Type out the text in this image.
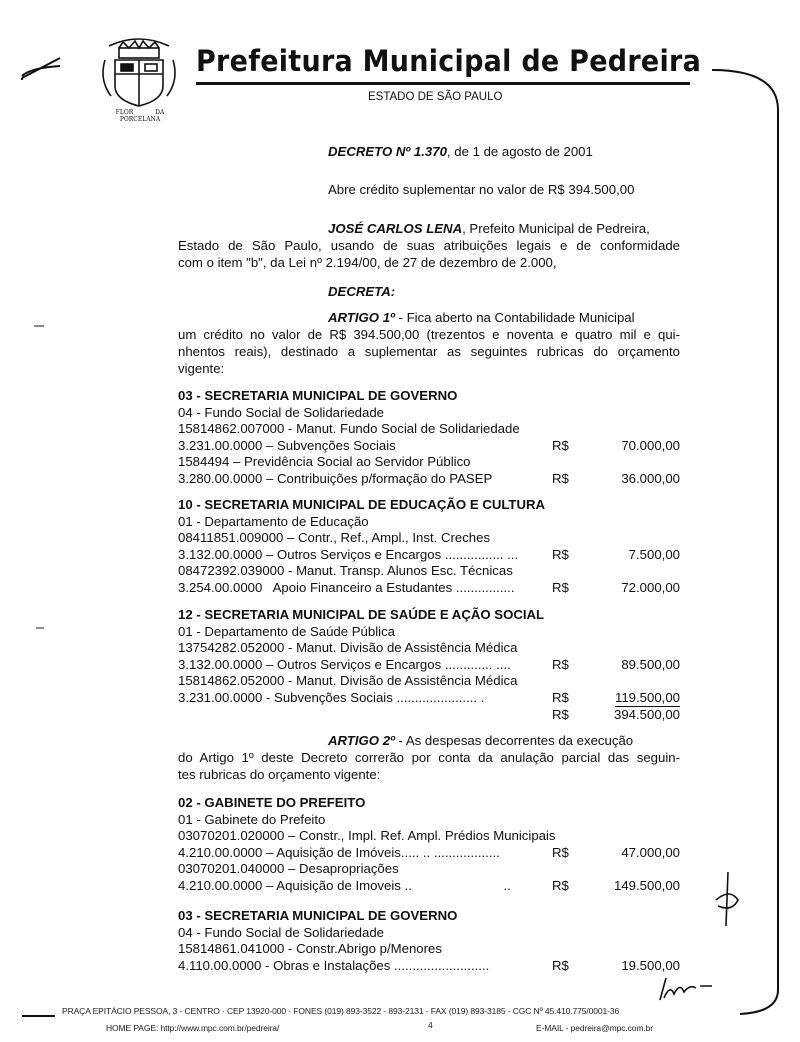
FLOR DA PORCELANA
Prefeitura Municipal de Pedreira
ESTADO DE SÃO PAULO
DECRETO Nº 1.370, de 1 de agosto de 2001
Abre crédito suplementar no valor de R$ 394.500,00
JOSÉ CARLOS LENA, Prefeito Municipal de Pedreira,
Estado de São Paulo, usando de suas atribuições legais e de conformidade
com o item "b", da Lei nº 2.194/00, de 27 de dezembro de 2.000,
DECRETA:
ARTIGO 1º - Fica aberto na Contabilidade Municipal
um crédito no valor de R$ 394.500,00 (trezentos e noventa e quatro mil e qui-
nhentos reais), destinado a suplementar as seguintes rubricas do orçamento
vigente:
03 - SECRETARIA MUNICIPAL DE GOVERNO
04 - Fundo Social de Solidariedade
15814862.007000 - Manut. Fundo Social de Solidariedade
3.231.00.0000 – Subvenções Sociais	R$	70.000,00
1584494 – Previdência Social ao Servidor Público
3.280.00.0000 – Contribuições p/formação do PASEP	R$	36.000,00
10 - SECRETARIA MUNICIPAL DE EDUCAÇÃO E CULTURA
01 - Departamento de Educação
08411851.009000 – Contr., Ref., Ampl., Inst. Creches
3.132.00.0000 – Outros Serviços e Encargos ................ ...	R$	7.500,00
08472392.039000 - Manut. Transp. Alunos Esc. Técnicas
3.254.00.0000   Apoio Financeiro a Estudantes ................	R$	72.000,00
12 - SECRETARIA MUNICIPAL DE SAÚDE E AÇÃO SOCIAL
01 - Departamento de Saúde Pública
13754282.052000 - Manut. Divisão de Assistência Médica
3.132.00.0000 – Outros Serviços e Encargos ............. ....	R$	89.500,00
15814862.052000 - Manut. Divisão de Assistência Médica
3.231.00.0000 - Subvenções Sociais ...................... .	R$	119.500,00
R$	394.500,00
ARTIGO 2º - As despesas decorrentes da execução
do Artigo 1º deste Decreto correrão por conta da anulação parcial das seguin-
tes rubricas do orçamento vigente:
02 - GABINETE DO PREFEITO
01 - Gabinete do Prefeito
03070201.020000 – Constr., Impl. Ref. Ampl. Prédios Municipais
4.210.00.0000 – Aquisição de Imóveis..... .. ..................	R$	47.000,00
03070201.040000 – Desapropriações
4.210.00.0000 – Aquisição de Imoveis ..                         ..	R$	149.500,00
03 - SECRETARIA MUNICIPAL DE GOVERNO
04 - Fundo Social de Solidariedade
15814861.041000 - Constr.Abrigo p/Menores
4.110.00.0000 - Obras e Instalações ..........................	R$	19.500,00
PRAÇA EPITÁCIO PESSOA, 3 - CENTRO · CEP 13920-000 · FONES (019) 893-3522 - 893-2131 - FAX (019) 893-3185 - CGC Nº 45.410.775/0001-36
HOME PAGE: http://www.mpc.com.br/pedreira/	4	E-MAIL - pedreira@mpc.com.br
